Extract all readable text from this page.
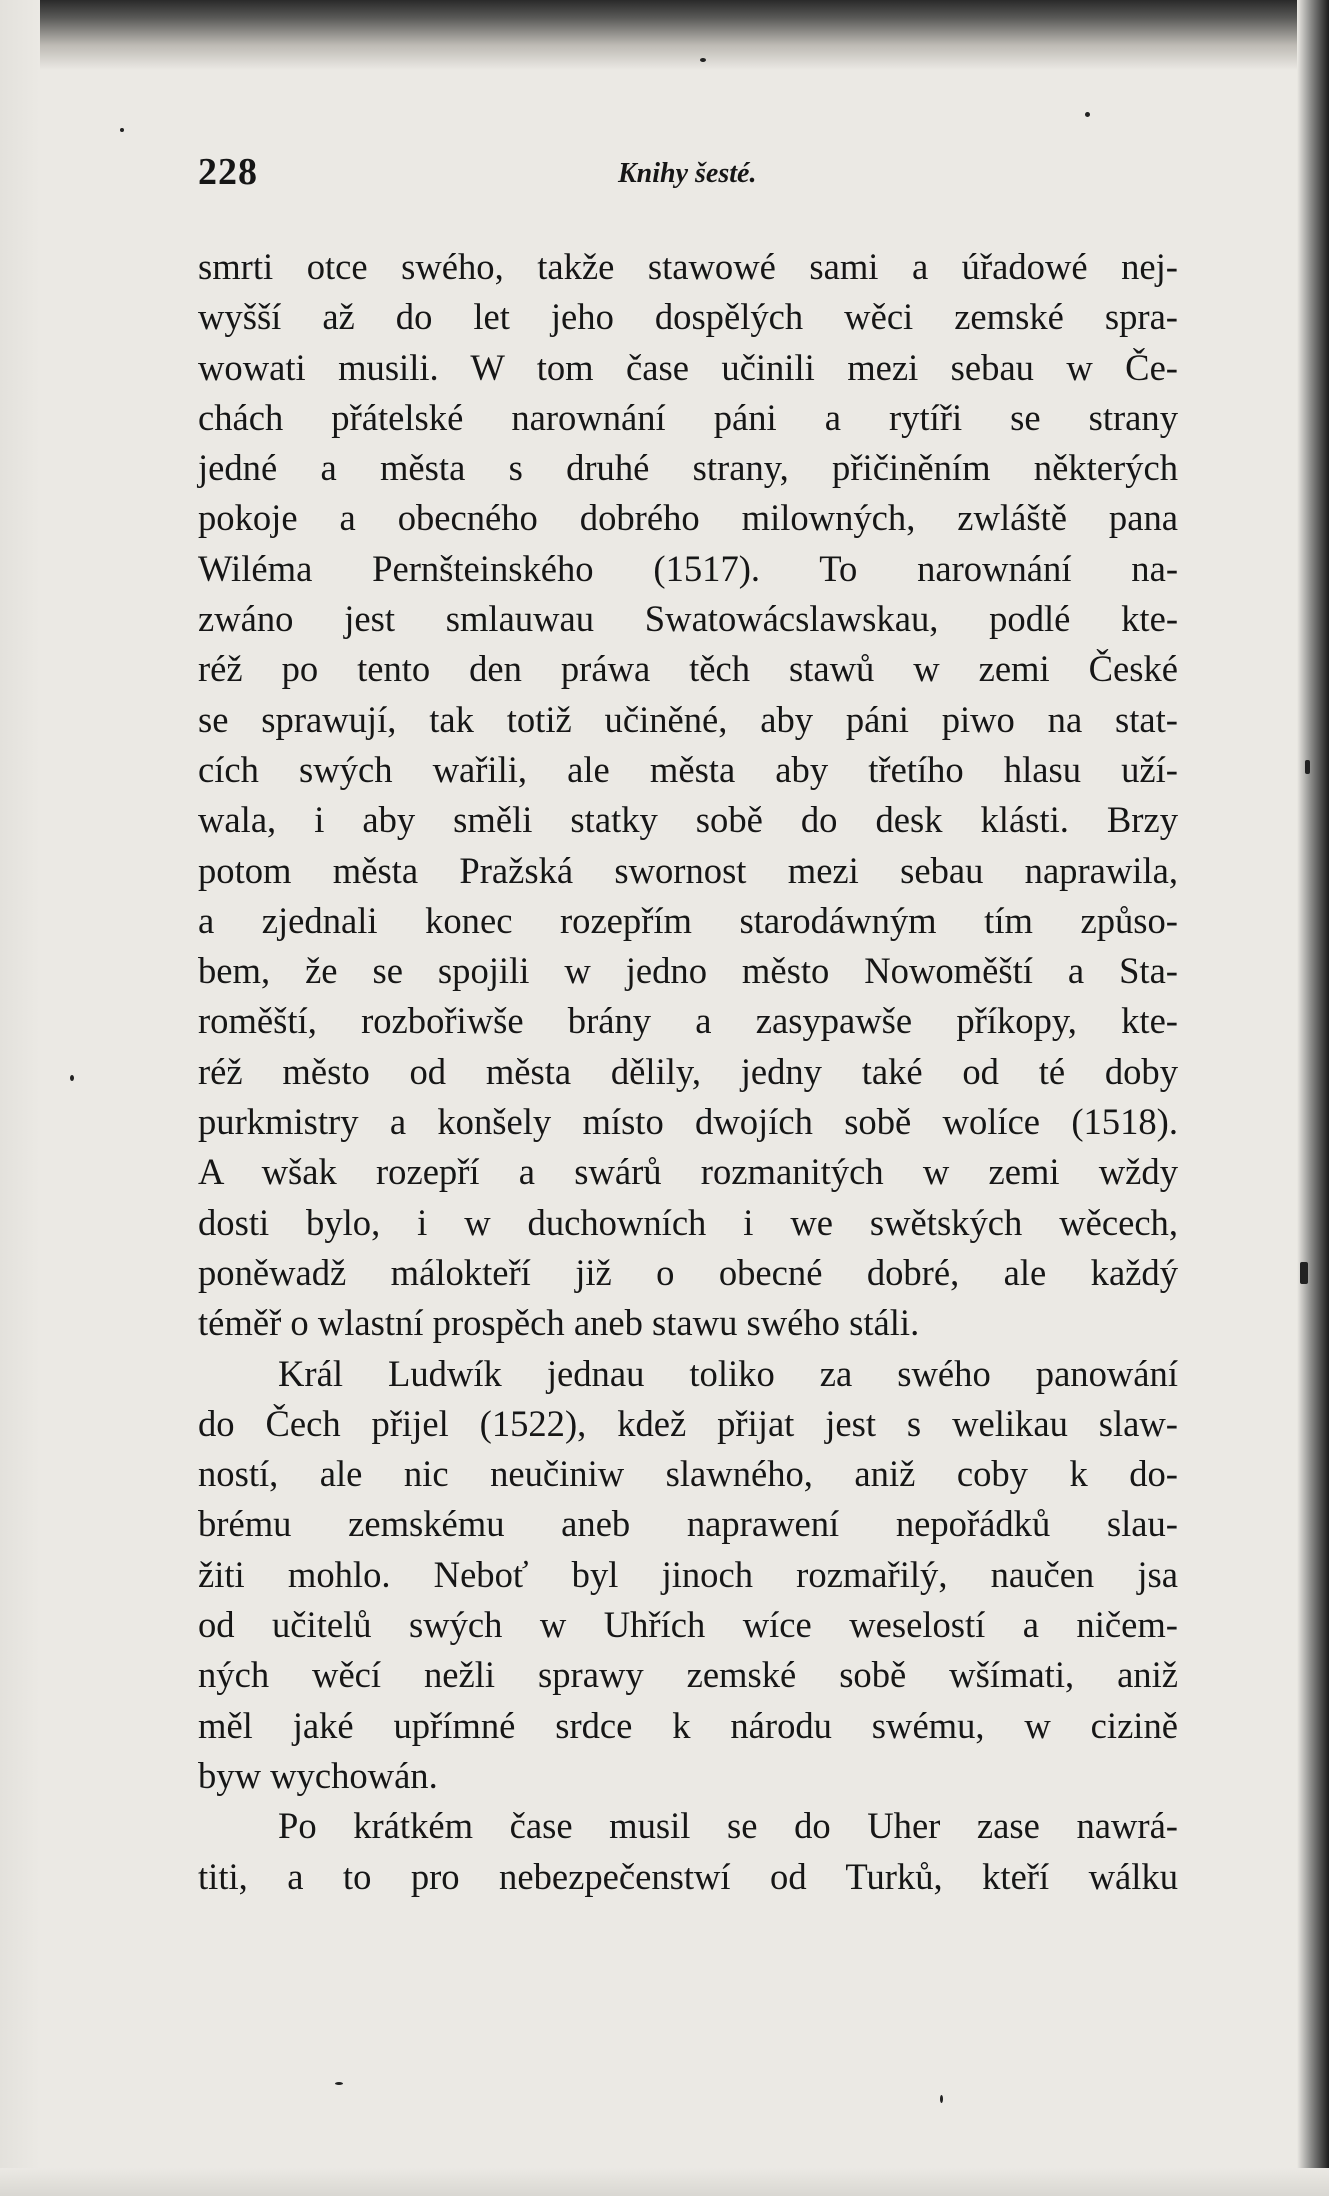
228	Knihy šesté.
smrti otce swého, takže stawowé sami a úřadowé nej-
wyšší až do let jeho dospělých wěci zemské spra-
wowati musili. W tom čase učinili mezi sebau w Če-
chách přátelské narownání páni a rytíři se strany
jedné a města s druhé strany, přičiněním některých
pokoje a obecného dobrého milowných, zwláště pana
Wiléma Pernšteinského (1517). To narownání na-
zwáno jest smlauwau Swatowácslawskau, podlé kte-
réž po tento den práwa těch stawů w zemi České
se sprawují, tak totiž učiněné, aby páni piwo na stat-
cích swých wařili, ale města aby třetího hlasu uží-
wala, i aby směli statky sobě do desk klásti. Brzy
potom města Pražská swornost mezi sebau naprawila,
a zjednali konec rozepřím starodáwným tím způso-
bem, že se spojili w jedno město Nowoměští a Sta-
roměští, rozbořiwše brány a zasypawše příkopy, kte-
réž město od města dělily, jedny také od té doby
purkmistry a konšely místo dwojích sobě wolíce (1518).
A wšak rozepří a swárů rozmanitých w zemi wždy
dosti bylo, i w duchowních i we swětských wěcech,
poněwadž málokteří již o obecné dobré, ale každý
téměř o wlastní prospěch aneb stawu swého stáli.
Král Ludwík jednau toliko za swého panowání
do Čech přijel (1522), kdež přijat jest s welikau slaw-
ností, ale nic neučiniw slawného, aniž coby k do-
brému zemskému aneb naprawení nepořádků slau-
žiti mohlo. Neboť byl jinoch rozmařilý, naučen jsa
od učitelů swých w Uhřích wíce weselostí a ničem-
ných wěcí nežli sprawy zemské sobě wšímati, aniž
měl jaké upřímné srdce k národu swému, w cizině
byw wychowán.
Po krátkém čase musil se do Uher zase nawrá-
titi, a to pro nebezpečenstwí od Turků, kteří wálku
